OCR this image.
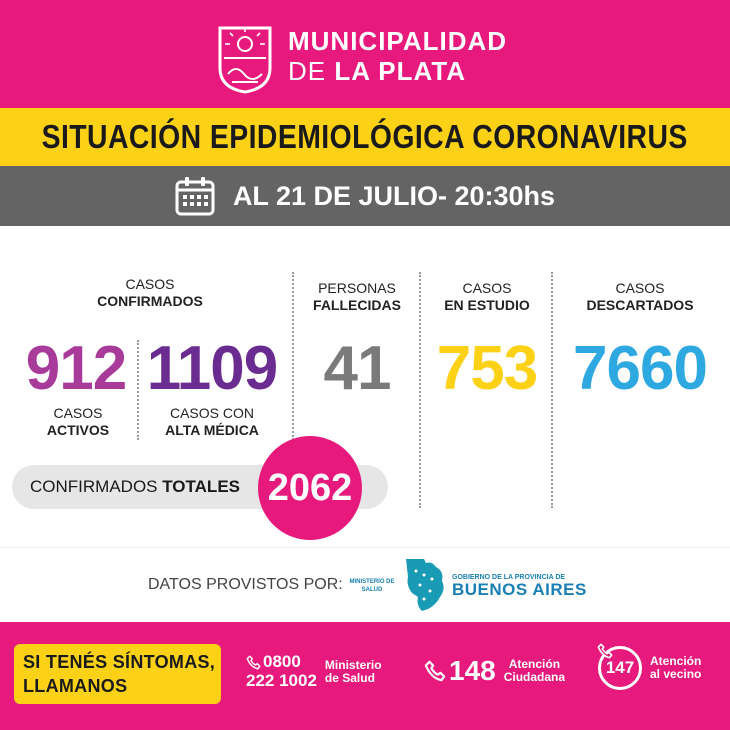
MUNICIPALIDAD
DE LA PLATA
SITUACIÓN EPIDEMIOLÓGICA CORONAVIRUS
AL 21 DE JULIO- 20:30hs
CASOS
CONFIRMADOS
912
CASOS
ACTIVOS
1109
CASOS CON
ALTA MÉDICA
PERSONAS
FALLECIDAS
41
CASOS
EN ESTUDIO
753
CASOS
DESCARTADOS
7660
CONFIRMADOS TOTALES 2062
DATOS PROVISTOS POR:	MINISTERIO DE SALUD
GOBIERNO DE LA PROVINCIA DE
BUENOS AIRES
SI TENÉS SÍNTOMAS,
LLAMANOS
0800
222 1002
Ministerio
de Salud	148	Atención
Ciudadana 147 Atención
al vecino
